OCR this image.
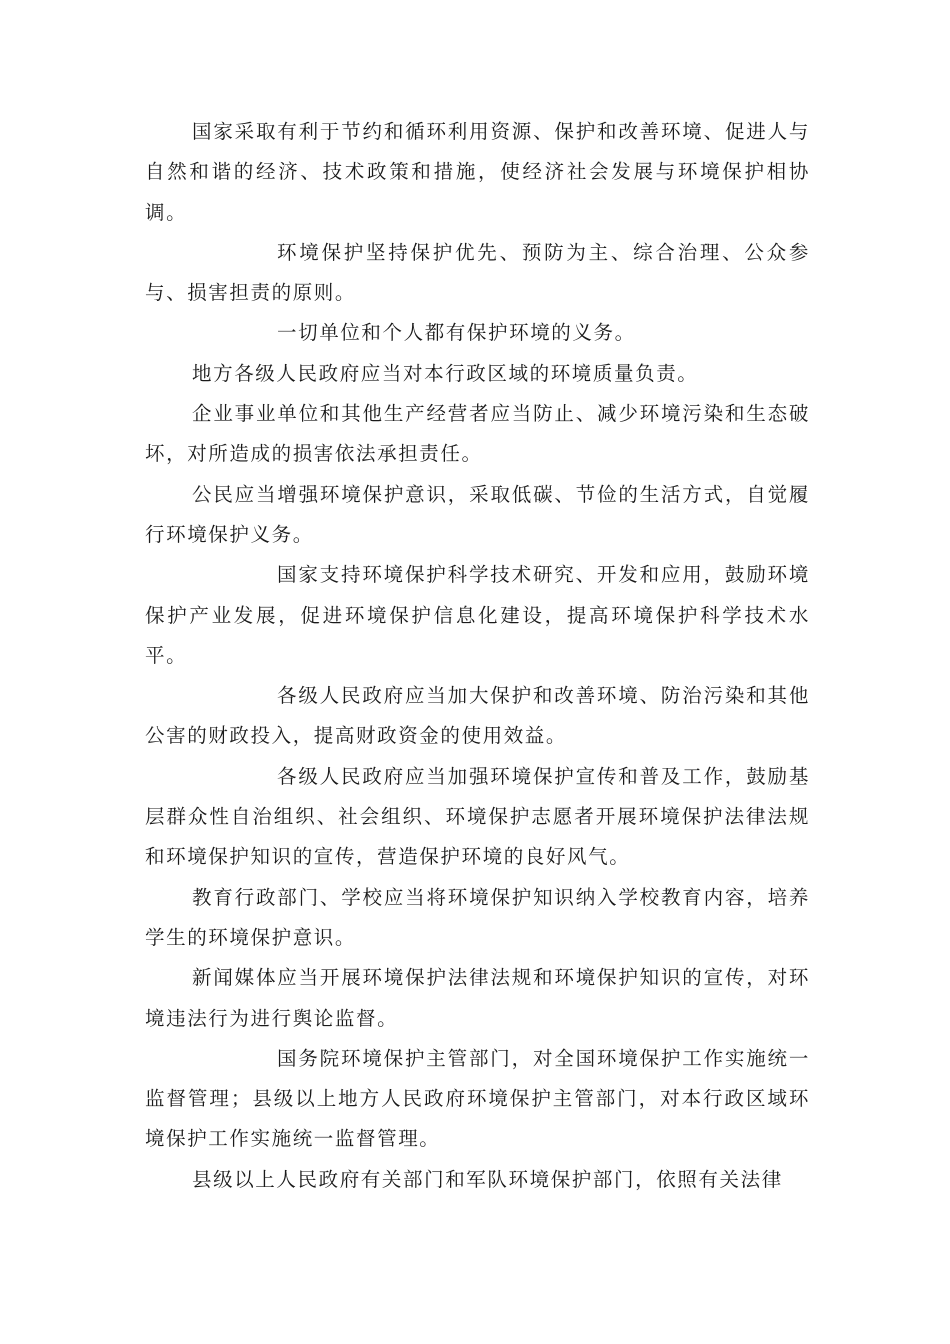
国家采取有利于节约和循环利用资源、保护和改善环境、促进人与自然和谐的经济、技术政策和措施，使经济社会发展与环境保护相协调。

环境保护坚持保护优先、预防为主、综合治理、公众参与、损害担责的原则。

一切单位和个人都有保护环境的义务。

地方各级人民政府应当对本行政区域的环境质量负责。

企业事业单位和其他生产经营者应当防止、减少环境污染和生态破坏，对所造成的损害依法承担责任。

公民应当增强环境保护意识，采取低碳、节俭的生活方式，自觉履行环境保护义务。

国家支持环境保护科学技术研究、开发和应用，鼓励环境保护产业发展，促进环境保护信息化建设，提高环境保护科学技术水平。

各级人民政府应当加大保护和改善环境、防治污染和其他公害的财政投入，提高财政资金的使用效益。

各级人民政府应当加强环境保护宣传和普及工作，鼓励基层群众性自治组织、社会组织、环境保护志愿者开展环境保护法律法规和环境保护知识的宣传，营造保护环境的良好风气。

教育行政部门、学校应当将环境保护知识纳入学校教育内容，培养学生的环境保护意识。

新闻媒体应当开展环境保护法律法规和环境保护知识的宣传，对环境违法行为进行舆论监督。

国务院环境保护主管部门，对全国环境保护工作实施统一监督管理；县级以上地方人民政府环境保护主管部门，对本行政区域环境保护工作实施统一监督管理。

县级以上人民政府有关部门和军队环境保护部门，依照有关法律
